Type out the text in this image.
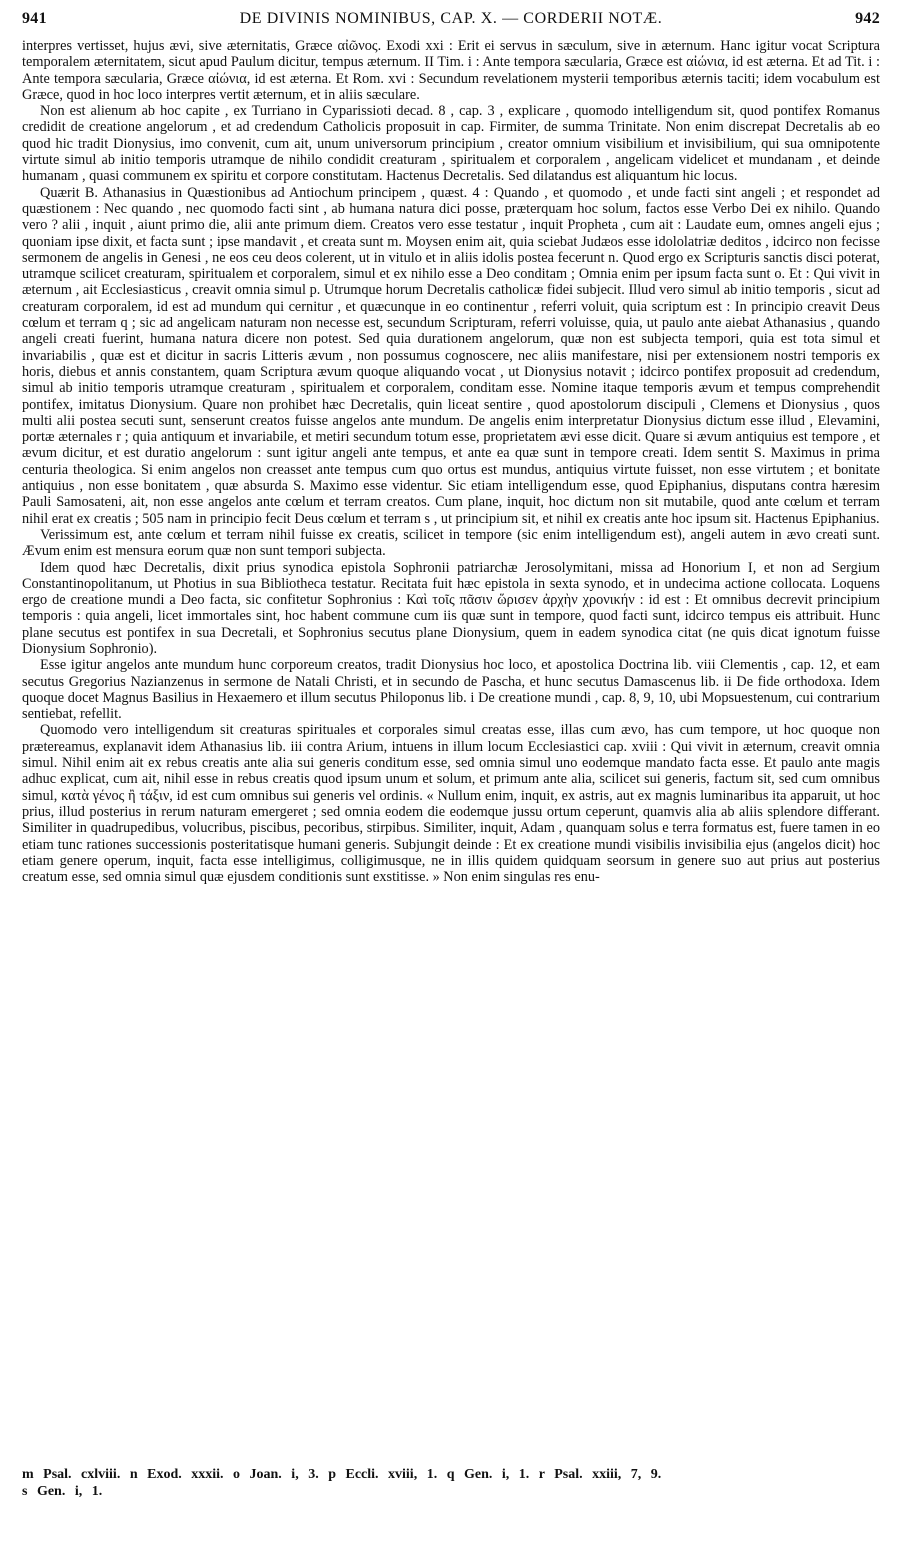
941	DE DIVINIS NOMINIBUS, CAP. X. — CORDERII NOTÆ.	942

interpres vertisset, hujus ævi, sive æternitatis, Græce αἰῶνος. Exodi xxi : Erit ei servus in sæculum, sive in æternum. Hanc igitur vocat Scriptura temporalem æternitatem, sicut apud Paulum dicitur, tempus æternum. II Tim. i : Ante tempora sæcularia, Græce est αἰώνια, id est æterna. Et ad Tit. i : Ante tempora sæcularia, Græce αἰώνια, id est æterna. Et Rom. xvi : Secundum revelationem mysterii temporibus æternis taciti; idem vocabulum est Græce, quod in hoc loco interpres vertit æternum, et in aliis sæculare.

Non est alienum ab hoc capite , ex Turriano in Cyparissioti decad. 8 , cap. 3 , explicare , quomodo intelligendum sit, quod pontifex Romanus credidit de creatione angelorum , et ad credendum Catholicis proposuit in cap. Firmiter, de summa Trinitate. Non enim discrepat Decretalis ab eo quod hic tradit Dionysius, imo convenit, cum ait, unum universorum principium , creator omnium visibilium et invisibilium, qui sua omnipotente virtute simul ab initio temporis utramque de nihilo condidit creaturam , spiritualem et corporalem , angelicam videlicet et mundanam , et deinde humanam , quasi communem ex spiritu et corpore constitutam. Hactenus Decretalis. Sed dilatandus est aliquantum hic locus.

Quærit B. Athanasius in Quæstionibus ad Antiochum principem , quæst. 4 : Quando , et quomodo , et unde facti sint angeli ; et respondet ad quæstionem : Nec quando , nec quomodo facti sint , ab humana natura dici posse, præterquam hoc solum, factos esse Verbo Dei ex nihilo. Quando vero ? alii , inquit , aiunt primo die, alii ante primum diem. Creatos vero esse testatur , inquit Propheta , cum ait : Laudate eum, omnes angeli ejus ; quoniam ipse dixit, et facta sunt ; ipse mandavit , et creata sunt m. Moysen enim ait, quia sciebat Judæos esse idololatriæ deditos , idcirco non fecisse sermonem de angelis in Genesi , ne eos ceu deos colerent, ut in vitulo et in aliis idolis postea fecerunt n. Quod ergo ex Scripturis sanctis disci poterat, utramque scilicet creaturam, spiritualem et corporalem, simul et ex nihilo esse a Deo conditam ; Omnia enim per ipsum facta sunt o. Et : Qui vivit in æternum , ait Ecclesiasticus , creavit omnia simul p. Utrumque horum Decretalis catholicæ fidei subjecit. Illud vero simul ab initio temporis , sicut ad creaturam corporalem, id est ad mundum qui cernitur , et quæcunque in eo continentur , referri voluit, quia scriptum est : In principio creavit Deus cœlum et terram q ; sic ad angelicam naturam non necesse est, secundum Scripturam, referri voluisse, quia, ut paulo ante aiebat Athanasius , quando angeli creati fuerint, humana natura dicere non potest. Sed quia durationem angelorum, quæ non est subjecta tempori, quia est tota simul et invariabilis , quæ est et dicitur in sacris Litteris ævum , non possumus cognoscere, nec aliis manifestare, nisi per extensionem nostri temporis ex horis, diebus et annis constantem, quam Scriptura ævum quoque aliquando vocat , ut Dionysius notavit ; idcirco pontifex proposuit ad credendum, simul ab initio temporis utramque creaturam , spiritualem et corporalem, conditam esse. Nomine itaque temporis ævum et tempus comprehendit pontifex, imitatus Dionysium. Quare non prohibet hæc Decretalis, quin liceat sentire , quod apostolorum discipuli , Clemens et Dionysius , quos multi alii postea secuti sunt, senserunt creatos fuisse angelos ante mundum. De angelis enim interpretatur Dionysius dictum esse illud , Elevamini, portæ æternales r ; quia antiquum et invariabile, et metiri secundum totum esse, proprietatem ævi esse dicit. Quare si ævum antiquius est tempore , et ævum dicitur, et est duratio angelorum : sunt igitur angeli ante tempus, et ante ea quæ sunt in tempore creati. Idem sentit S. Maximus in prima centuria theologica. Si enim angelos non creasset ante tempus cum quo ortus est mundus, antiquius virtute fuisset, non esse virtutem ; et bonitate antiquius , non esse bonitatem , quæ absurda S. Maximo esse videntur. Sic etiam intelligendum esse, quod Epiphanius, disputans contra hæresim Pauli Samosateni, ait, non esse angelos ante cœlum et terram creatos. Cum plane, inquit, hoc dictum non sit mutabile, quod ante cœlum et terram nihil erat ex creatis ; 505 nam in principio fecit Deus cœlum et terram s , ut principium sit, et nihil ex creatis ante hoc ipsum sit. Hactenus Epiphanius.

Verissimum est, ante cœlum et terram nihil fuisse ex creatis, scilicet in tempore (sic enim intelligendum est), angeli autem in ævo creati sunt. Ævum enim est mensura eorum quæ non sunt tempori subjecta.

Idem quod hæc Decretalis, dixit prius synodica epistola Sophronii patriarchæ Jerosolymitani, missa ad Honorium I, et non ad Sergium Constantinopolitanum, ut Photius in sua Bibliotheca testatur. Recitata fuit hæc epistola in sexta synodo, et in undecima actione collocata. Loquens ergo de creatione mundi a Deo facta, sic confitetur Sophronius : Καὶ τοῖς πᾶσιν ὥρισεν ἀρχὴν χρονικήν : id est : Et omnibus decrevit principium temporis : quia angeli, licet immortales sint, hoc habent commune cum iis quæ sunt in tempore, quod facti sunt, idcirco tempus eis attribuit. Hunc plane secutus est pontifex in sua Decretali, et Sophronius secutus plane Dionysium, quem in eadem synodica citat (ne quis dicat ignotum fuisse Dionysium Sophronio).

Esse igitur angelos ante mundum hunc corporeum creatos, tradit Dionysius hoc loco, et apostolica Doctrina lib. viii Clementis , cap. 12, et eam secutus Gregorius Nazianzenus in sermone de Natali Christi, et in secundo de Pascha, et hunc secutus Damascenus lib. ii De fide orthodoxa. Idem quoque docet Magnus Basilius in Hexaemero et illum secutus Philoponus lib. i De creatione mundi , cap. 8, 9, 10, ubi Mopsuestenum, cui contrarium sentiebat, refellit.

Quomodo vero intelligendum sit creaturas spirituales et corporales simul creatas esse, illas cum ævo, has cum tempore, ut hoc quoque non prætereamus, explanavit idem Athanasius lib. iii contra Arium, intuens in illum locum Ecclesiastici cap. xviii : Qui vivit in æternum, creavit omnia simul. Nihil enim ait ex rebus creatis ante alia sui generis conditum esse, sed omnia simul uno eodemque mandato facta esse. Et paulo ante magis adhuc explicat, cum ait, nihil esse in rebus creatis quod ipsum unum et solum, et primum ante alia, scilicet sui generis, factum sit, sed cum omnibus simul, κατὰ γένος ἢ τάξιν, id est cum omnibus sui generis vel ordinis. « Nullum enim, inquit, ex astris, aut ex magnis luminaribus ita apparuit, ut hoc prius, illud posterius in rerum naturam emergeret ; sed omnia eodem die eodemque jussu ortum ceperunt, quamvis alia ab aliis splendore differant. Similiter in quadrupedibus, volucribus, piscibus, pecoribus, stirpibus. Similiter, inquit, Adam , quanquam solus e terra formatus est, fuere tamen in eo etiam tunc rationes successionis posteritatisque humani generis. Subjungit deinde : Et ex creatione mundi visibilis invisibilia ejus (angelos dicit) hoc etiam genere operum, inquit, facta esse intelligimus, colligimusque, ne in illis quidem quidquam seorsum in genere suo aut prius aut posterius creatum esse, sed omnia simul quæ ejusdem conditionis sunt exstitisse. » Non enim singulas res enu-

m Psal. cxlviii. n Exod. xxxii. o Joan. i, 3. p Eccli. xviii, 1. q Gen. i, 1. r Psal. xxiii, 7, 9.

s Gen. i, 1.
